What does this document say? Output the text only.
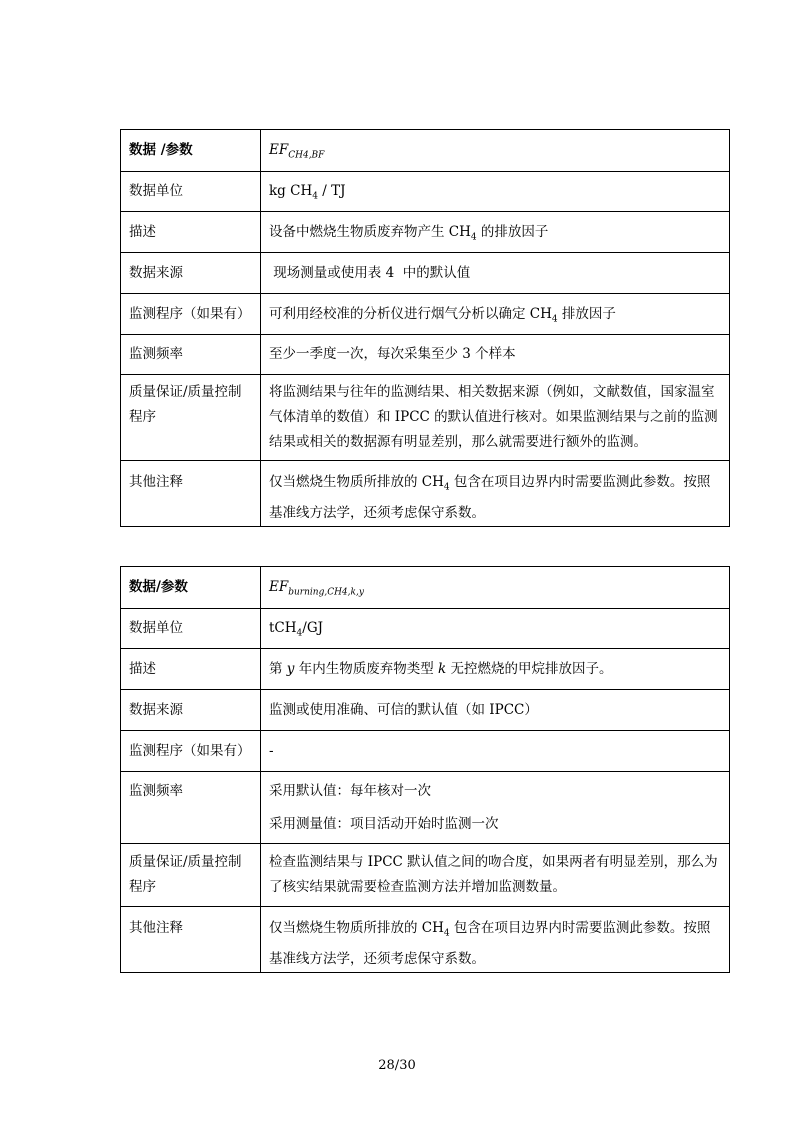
数据 /参数	$EF_{CH4,BF}$
数据单位	kg $CH_4$ / TJ
描述	设备中燃烧生物质废弃物产生 $CH_4$ 的排放因子
数据来源	现场测量或使用表 4  中的默认值
监测程序（如果有）	可利用经校准的分析仪进行烟气分析以确定 $CH_4$ 排放因子
监测频率	至少一季度一次，每次采集至少 3 个样本
质量保证/质量控制程序	将监测结果与往年的监测结果、相关数据来源（例如，文献数值，国家温室气体清单的数值）和 IPCC 的默认值进行核对。如果监测结果与之前的监测结果或相关的数据源有明显差别，那么就需要进行额外的监测。
其他注释	仅当燃烧生物质所排放的 $CH_4$ 包含在项目边界内时需要监测此参数。按照基准线方法学，还须考虑保守系数。
数据/参数	$EF_{burning,CH4,k,y}$
数据单位	tCH$_4$/GJ
描述	第 y 年内生物质废弃物类型 k 无控燃烧的甲烷排放因子。
数据来源	监测或使用准确、可信的默认值（如 IPCC）
监测程序（如果有）	-
监测频率	采用默认值：每年核对一次
采用测量值：项目活动开始时监测一次

质量保证/质量控制程序	检查监测结果与 IPCC 默认值之间的吻合度，如果两者有明显差别，那么为了核实结果就需要检查监测方法并增加监测数量。
其他注释	仅当燃烧生物质所排放的 $CH_4$ 包含在项目边界内时需要监测此参数。按照基准线方法学，还须考虑保守系数。
28/30
